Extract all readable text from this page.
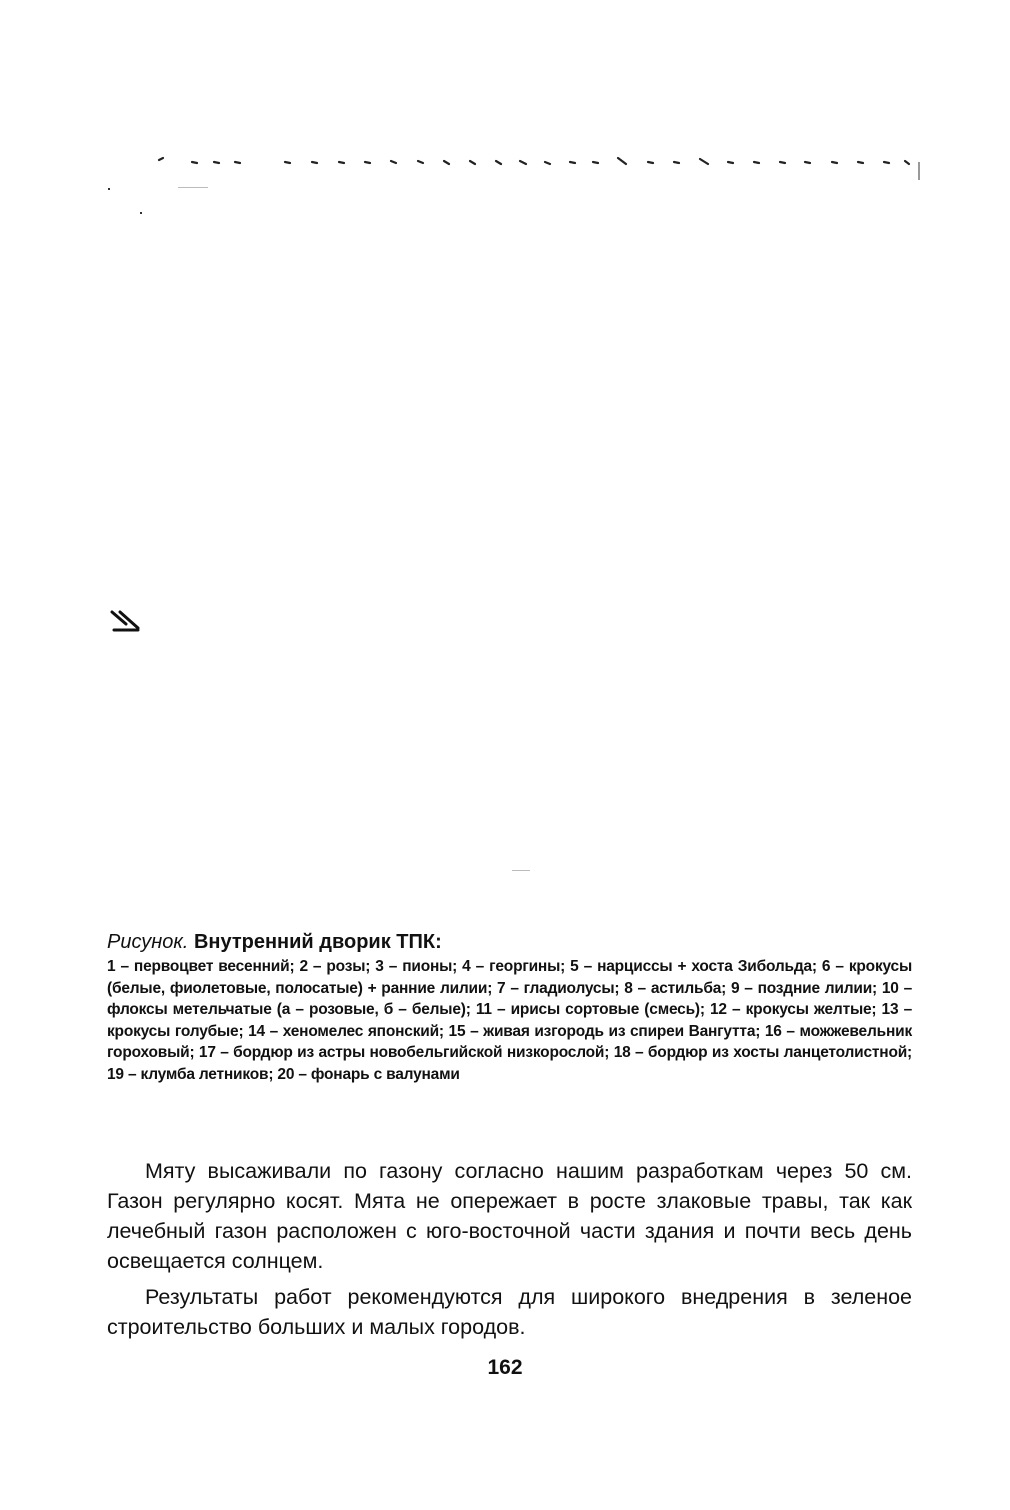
Рисунок. Внутренний дворик ТПК:

1 – первоцвет весенний; 2 – розы; 3 – пионы; 4 – георгины; 5 – нарциссы + хоста Зибольда; 6 – крокусы (белые, фиолетовые, полосатые) + ранние лилии; 7 – гладиолусы; 8 – астильба; 9 – поздние лилии; 10 – флоксы метельчатые (а – розовые, б – белые); 11 – ирисы сортовые (смесь); 12 – крокусы желтые; 13 – крокусы голубые; 14 – хеномелес японский; 15 – живая изгородь из спиреи Вангутта; 16 – можжевельник гороховый; 17 – бордюр из астры новобельгийской низкорослой; 18 – бордюр из хосты ланцетолистной; 19 – клумба летников; 20 – фонарь с валунами

Мяту высаживали по газону согласно нашим разработкам через 50 см. Газон регулярно косят. Мята не опережает в росте злаковые травы, так как лечебный газон расположен с юго-восточной части здания и почти весь день освещается солнцем.

Результаты работ рекомендуются для широкого внедрения в зеленое строительство больших и малых городов.

162
